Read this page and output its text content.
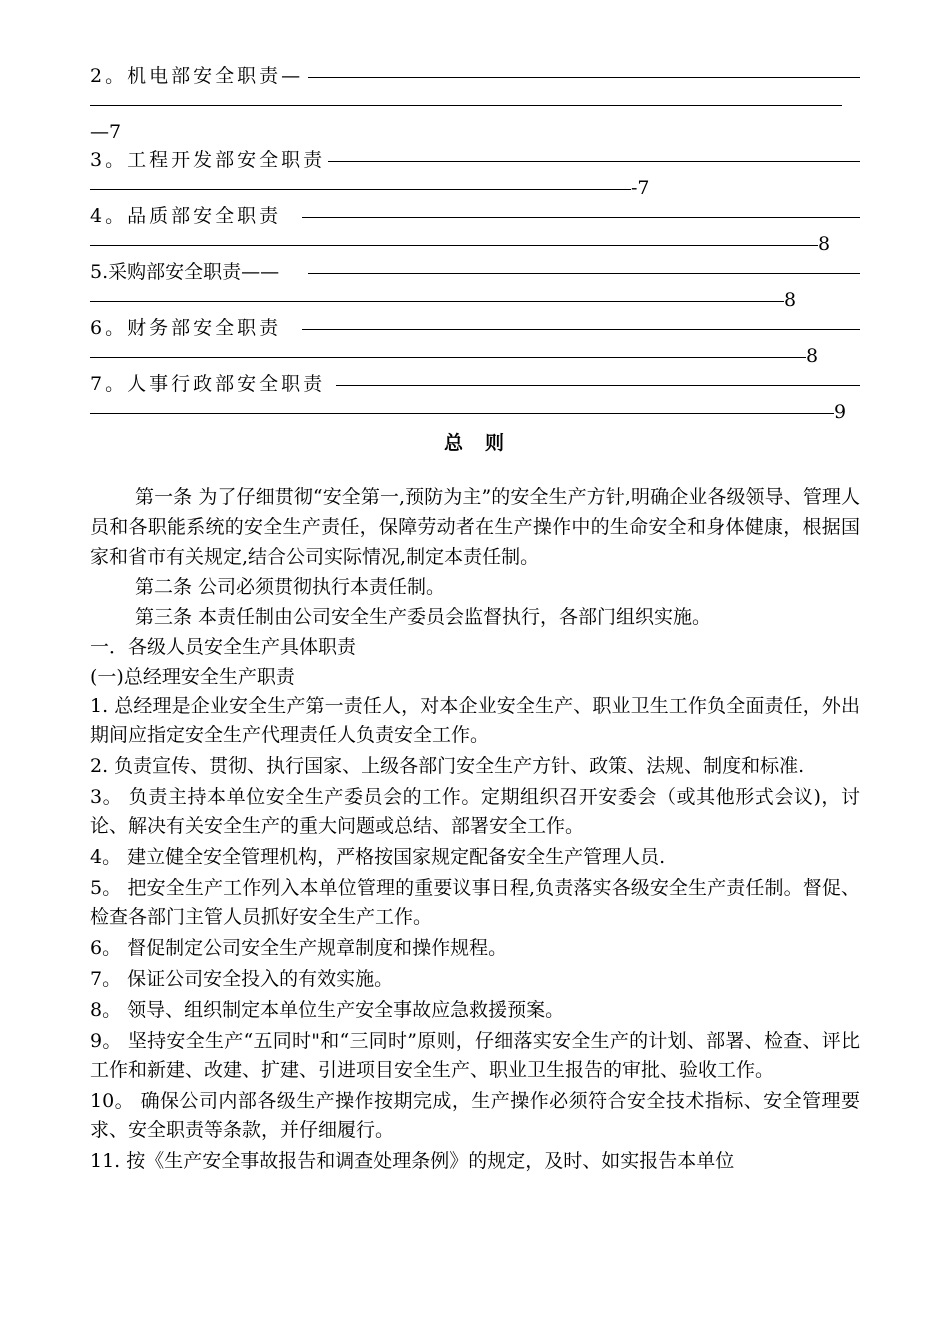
2。机电部安全职责—
—7
3。工程开发部安全职责
-7
4。品质部安全职责
8
5.采购部安全职责——
8
6。财务部安全职责
8
7。人事行政部安全职责
9
总则

第一条 为了仔细贯彻“安全第一,预防为主”的安全生产方针,明确企业各级领导、管理人员和各职能系统的安全生产责任，保障劳动者在生产操作中的生命安全和身体健康，根据国家和省市有关规定,结合公司实际情况,制定本责任制。

第二条 公司必须贯彻执行本责任制。

第三条 本责任制由公司安全生产委员会监督执行，各部门组织实施。

一．各级人员安全生产具体职责

(一)总经理安全生产职责

1. 总经理是企业安全生产第一责任人，对本企业安全生产、职业卫生工作负全面责任，外出期间应指定安全生产代理责任人负责安全工作。

2. 负责宣传、贯彻、执行国家、上级各部门安全生产方针、政策、法规、制度和标准.

3。 负责主持本单位安全生产委员会的工作。定期组织召开安委会（或其他形式会议)，讨论、解决有关安全生产的重大问题或总结、部署安全工作。

4。 建立健全安全管理机构，严格按国家规定配备安全生产管理人员.

5。 把安全生产工作列入本单位管理的重要议事日程,负责落实各级安全生产责任制。督促、检查各部门主管人员抓好安全生产工作。

6。 督促制定公司安全生产规章制度和操作规程。

7。 保证公司安全投入的有效实施。

8。 领导、组织制定本单位生产安全事故应急救援预案。

9。 坚持安全生产“五同时"和“三同时”原则，仔细落实安全生产的计划、部署、检查、评比工作和新建、改建、扩建、引进项目安全生产、职业卫生报告的审批、验收工作。

10。 确保公司内部各级生产操作按期完成，生产操作必须符合安全技术指标、安全管理要求、安全职责等条款，并仔细履行。

11. 按《生产安全事故报告和调查处理条例》的规定，及时、如实报告本单位
